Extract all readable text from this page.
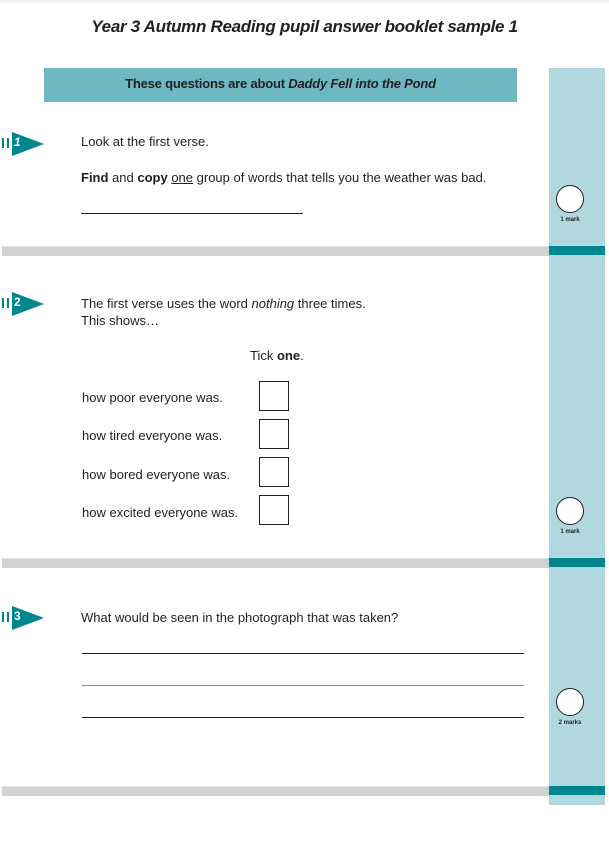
Year 3 Autumn Reading pupil answer booklet sample 1
These questions are about Daddy Fell into the Pond
1	Look at the first verse.
Find and copy one group of words that tells you the weather was bad.
1 mark
2	The first verse uses the word nothing three times.
This shows…
Tick one.
how poor everyone was.
how tired everyone was.
how bored everyone was.
how excited everyone was.
1 mark
3	What would be seen in the photograph that was taken?
2 marks
